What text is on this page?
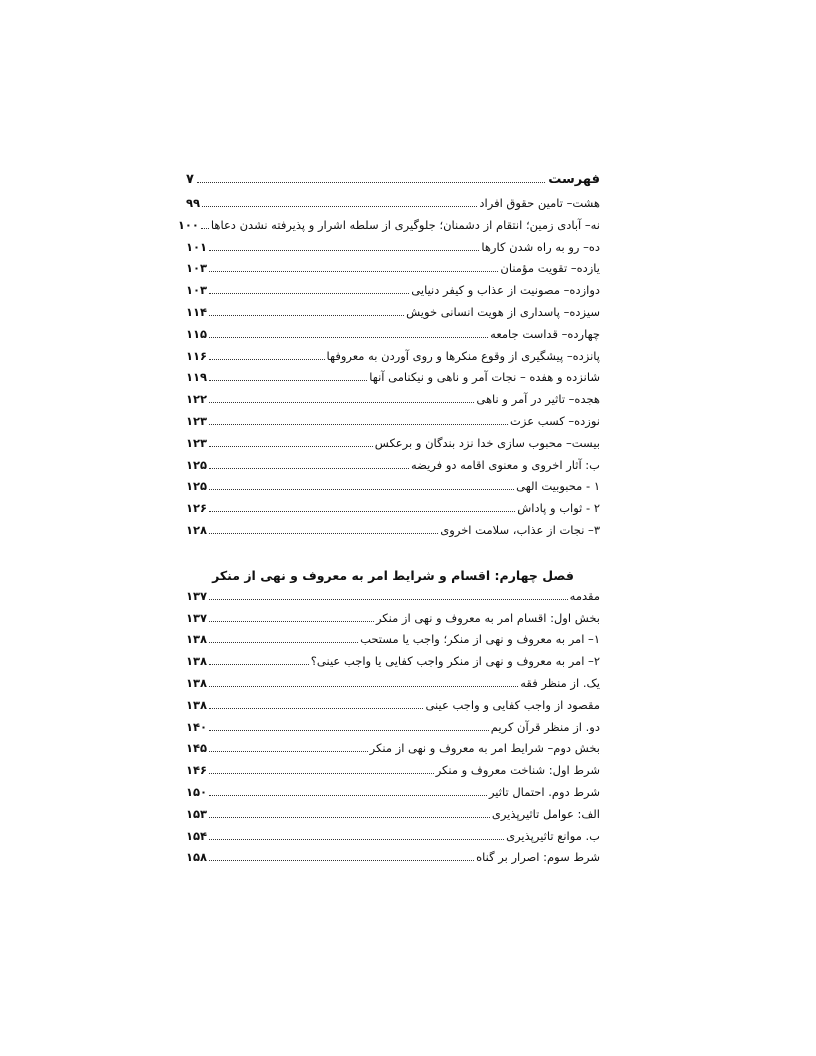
فهرست
۷
هشت– تامین حقوق افراد
۹۹
نه– آبادی زمین؛ انتقام از دشمنان؛ جلوگیری از سلطه اشرار و پذیرفته نشدن دعاها
۱۰۰
ده– رو به راه شدن کارها
۱۰۱
یازده– تقویت مؤمنان
۱۰۳
دوازده– مصونیت از عذاب و کیفر دنیایی
۱۰۳
سیزده– پاسداری از هویت انسانی خویش
۱۱۴
چهارده– قداست جامعه
۱۱۵
پانزده– پیشگیری از وقوع منکرها و روی آوردن به معروفها
۱۱۶
شانزده و هفده – نجات آمر و ناهی و نیکنامی آنها
۱۱۹
هجده– تاثیر در آمر و ناهی
۱۲۲
نوزده– کسب عزت
۱۲۳
بیست– محبوب سازی خدا نزد بندگان و برعکس
۱۲۳
ب: آثار اخروی و معنوی اقامه دو فریضه
۱۲۵
۱ - محبوبیت الهی
۱۲۵
۲ - ثواب و پاداش
۱۲۶
۳– نجات از عذاب، سلامت اخروی
۱۲۸
فصل چهارم: اقسام و شرایط امر به معروف و نهی از منکر
مقدمه
۱۳۷
بخش اول: اقسام امر به معروف و نهی از منکر
۱۳۷
۱– امر به معروف و نهی از منکر؛ واجب یا مستحب
۱۳۸
۲– امر به معروف و نهی از منکر واجب کفایی یا واجب عینی؟
۱۳۸
یک. از منظر فقه
۱۳۸
مقصود از واجب کفایی و واجب عینی
۱۳۸
دو. از منظر قرآن کریم
۱۴۰
بخش دوم– شرایط امر به معروف و نهی از منکر
۱۴۵
شرط اول: شناخت معروف و منکر
۱۴۶
شرط دوم. احتمال تاثیر
۱۵۰
الف: عوامل تاثیرپذیری
۱۵۳
ب. موانع تاثیرپذیری
۱۵۴
شرط سوم: اصرار بر گناه
۱۵۸
